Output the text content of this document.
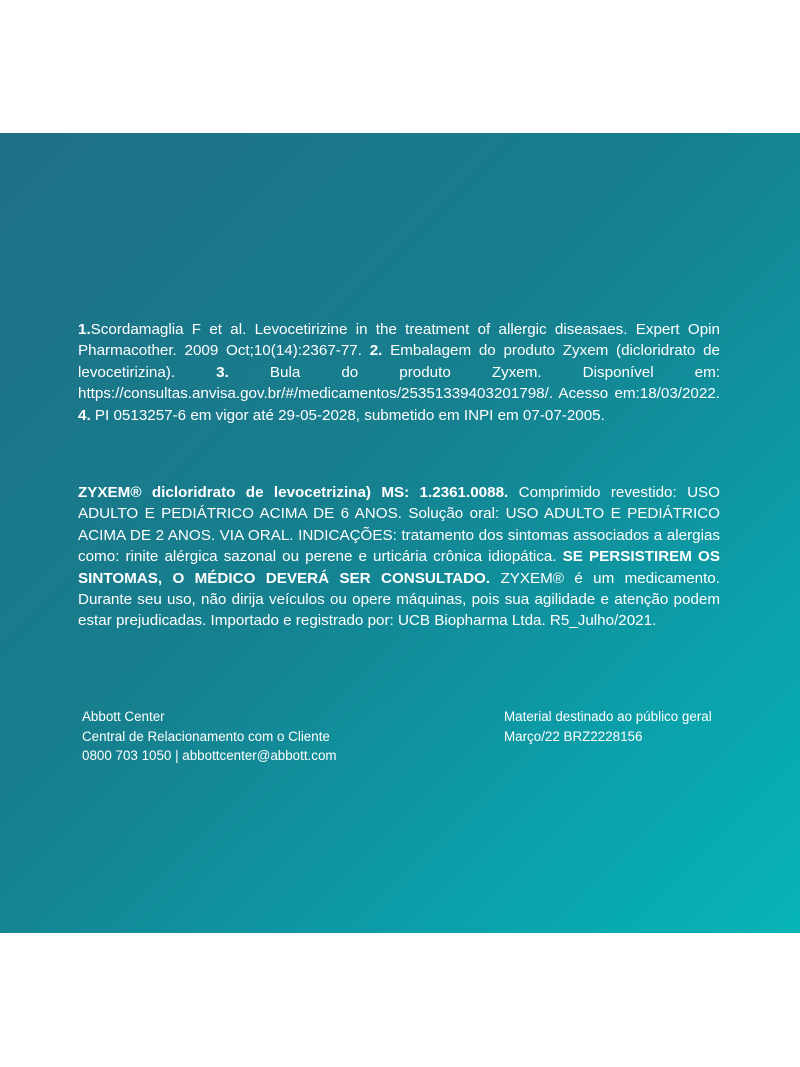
1.Scordamaglia F et al. Levocetirizine in the treatment of allergic diseasaes. Expert Opin Pharmacother. 2009 Oct;10(14):2367-77. 2. Embalagem do produto Zyxem (dicloridrato de levocetirizina).	3.	Bula do produto Zyxem. Disponível em: https://consultas.anvisa.gov.br/#/medicamentos/25351339403201798/. Acesso em:18/03/2022. 4. PI 0513257-6 em vigor até 29-05-2028, submetido em INPI em 07-07-2005.

ZYXEM® dicloridrato de levocetrizina) MS: 1.2361.0088. Comprimido revestido: USO ADULTO E PEDIÁTRICO ACIMA DE 6 ANOS. Solução oral: USO ADULTO E PEDIÁTRICO ACIMA DE 2 ANOS. VIA ORAL. INDICAÇÕES: tratamento dos sintomas associados a alergias como: rinite alérgica sazonal ou perene e urticária crônica idiopática. SE PERSISTIREM OS SINTOMAS, O MÉDICO DEVERÁ SER CONSULTADO. ZYXEM® é um medicamento. Durante seu uso, não dirija veículos ou opere máquinas, pois sua agilidade e atenção podem estar prejudicadas. Importado e registrado por: UCB Biopharma Ltda. R5_Julho/2021.

Abbott Center
Central de Relacionamento com o Cliente
0800 703 1050 | abbottcenter@abbott.com
Material destinado ao público geral
Março/22 BRZ2228156
